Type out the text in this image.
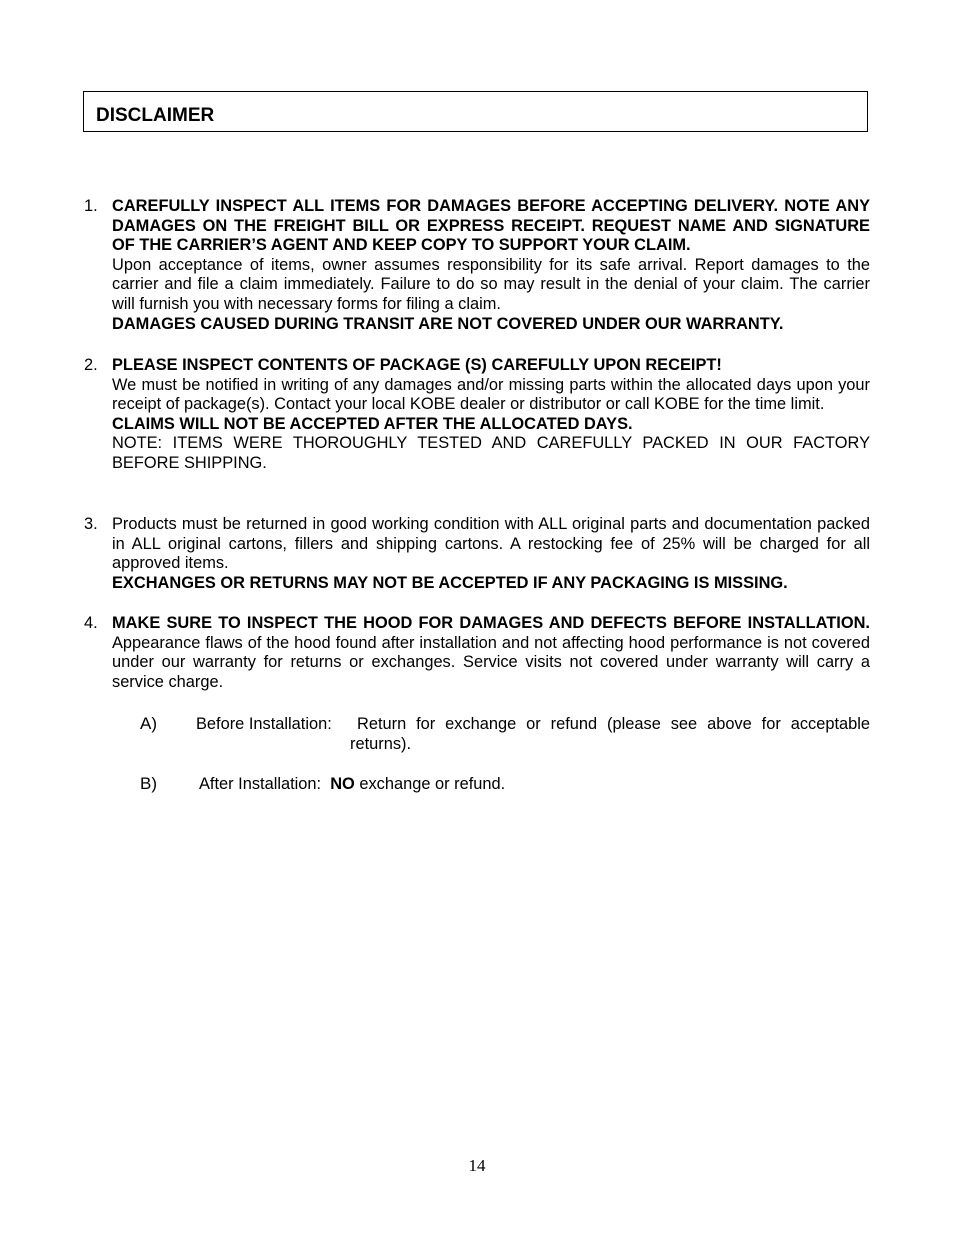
DISCLAIMER
1. CAREFULLY INSPECT ALL ITEMS FOR DAMAGES BEFORE ACCEPTING DELIVERY. NOTE ANY DAMAGES ON THE FREIGHT BILL OR EXPRESS RECEIPT. REQUEST NAME AND SIGNATURE OF THE CARRIER’S AGENT AND KEEP COPY TO SUPPORT YOUR CLAIM.

Upon acceptance of items, owner assumes responsibility for its safe arrival. Report damages to the carrier and file a claim immediately. Failure to do so may result in the denial of your claim. The carrier will furnish you with necessary forms for filing a claim.

DAMAGES CAUSED DURING TRANSIT ARE NOT COVERED UNDER OUR WARRANTY.

2. PLEASE INSPECT CONTENTS OF PACKAGE (S) CAREFULLY UPON RECEIPT!

We must be notified in writing of any damages and/or missing parts within the allocated days upon your receipt of package(s). Contact your local KOBE dealer or distributor or call KOBE for the time limit.

CLAIMS WILL NOT BE ACCEPTED AFTER THE ALLOCATED DAYS.

NOTE: ITEMS WERE THOROUGHLY TESTED AND CAREFULLY PACKED IN OUR FACTORY BEFORE SHIPPING.

3. Products must be returned in good working condition with ALL original parts and documentation packed in ALL original cartons, fillers and shipping cartons. A restocking fee of 25% will be charged for all approved items.

EXCHANGES OR RETURNS MAY NOT BE ACCEPTED IF ANY PACKAGING IS MISSING.

4. MAKE SURE TO INSPECT THE HOOD FOR DAMAGES AND DEFECTS BEFORE INSTALLATION. Appearance flaws of the hood found after installation and not affecting hood performance is not covered under our warranty for returns or exchanges. Service visits not covered under warranty will carry a service charge.

A) Before Installation: Return for exchange or refund (please see above for acceptable
returns).
B)	After Installation: NO exchange or refund.
14
